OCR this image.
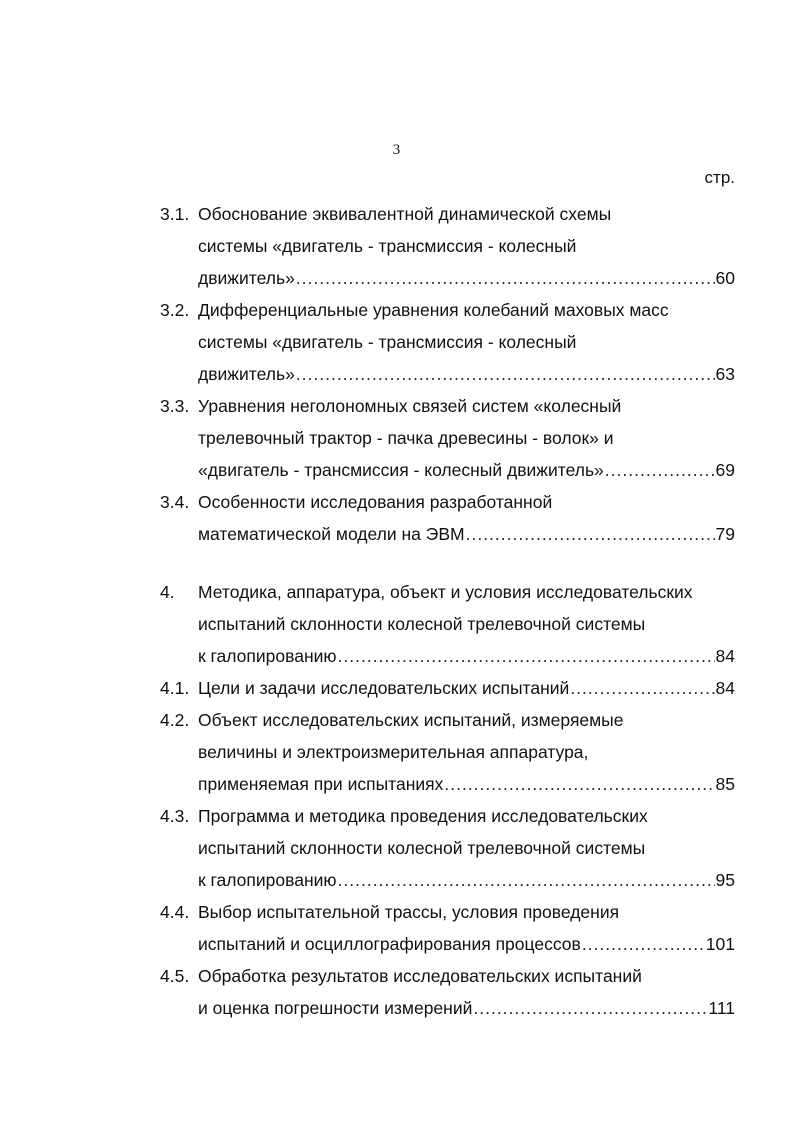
3
стр.
3.1. Обоснование эквивалентной динамической схемы
системы «двигатель - трансмиссия - колесный
движитель» .....	60
3.2. Дифференциальные уравнения колебаний маховых масс
системы «двигатель - трансмиссия - колесный
движитель» .....	63
3.3. Уравнения неголономных связей систем «колесный
трелевочный трактор - пачка древесины - волок» и
«двигатель - трансмиссия - колесный движитель» .....	69
3.4. Особенности исследования разработанной
математической модели на ЭВМ .....	79
4. Методика, аппаратура, объект и условия исследовательских
испытаний склонности колесной трелевочной системы
к галопированию .....	84
4.1. Цели и задачи исследовательских испытаний .....	84
4.2. Объект исследовательских испытаний, измеряемые
величины и электроизмерительная аппаратура,
применяемая при испытаниях .....	85
4.3. Программа и методика проведения исследовательских
испытаний склонности колесной трелевочной системы
к галопированию .....	95
4.4. Выбор испытательной трассы, условия проведения
испытаний и осциллографирования процессов .....	101
4.5. Обработка результатов исследовательских испытаний
и оценка погрешности измерений .....	111
